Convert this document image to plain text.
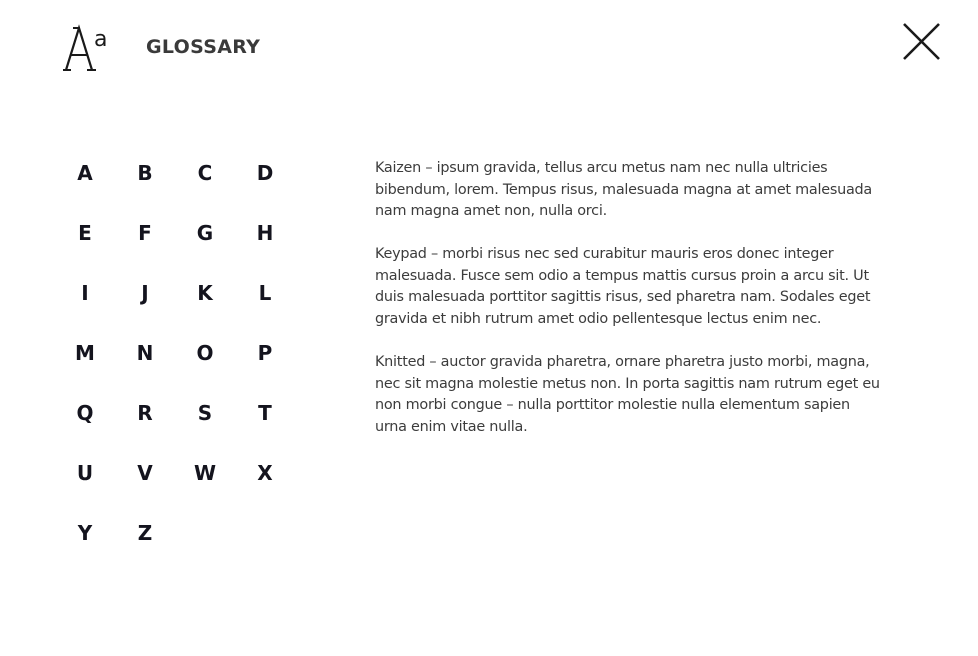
a GLOSSARY
A	B	C	D
E	F	G	H
I	J	K	L
M	N	O	P
Q	R	S	T
U	V	W	X
Y	Z

Kaizen – ipsum gravida, tellus arcu metus nam nec nulla ultricies bibendum, lorem. Tempus risus, malesuada magna at amet malesuada nam magna amet non, nulla orci.

Keypad – morbi risus nec sed curabitur mauris eros donec integer malesuada. Fusce sem odio a tempus mattis cursus proin a arcu sit. Ut duis malesuada porttitor sagittis risus, sed pharetra nam. Sodales eget gravida et nibh rutrum amet odio pellentesque lectus enim nec.

Knitted – auctor gravida pharetra, ornare pharetra justo morbi, magna, nec sit magna molestie metus non. In porta sagittis nam rutrum eget eu non morbi congue – nulla porttitor molestie nulla elementum sapien urna enim vitae nulla.
